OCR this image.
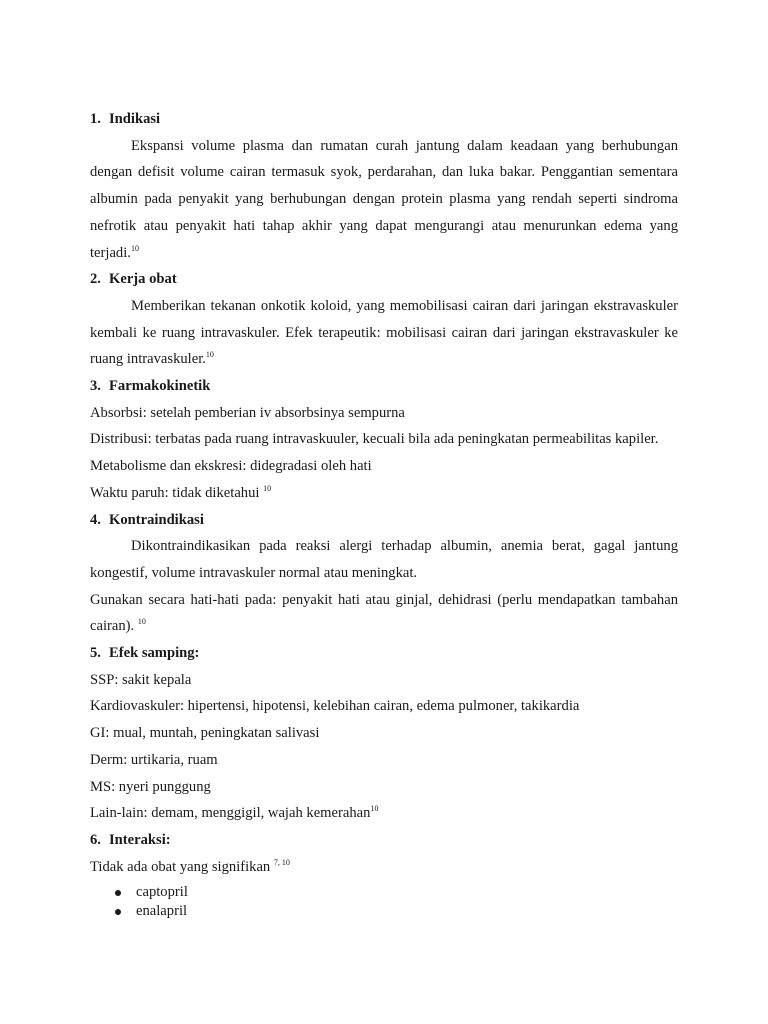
1. Indikasi
Ekspansi volume plasma dan rumatan curah jantung dalam keadaan yang berhubungan dengan defisit volume cairan termasuk syok, perdarahan, dan luka bakar. Penggantian sementara albumin pada penyakit yang berhubungan dengan protein plasma yang rendah seperti sindroma nefrotik atau penyakit hati tahap akhir yang dapat mengurangi atau menurunkan edema yang terjadi.$^{10}$
2. Kerja obat
Memberikan tekanan onkotik koloid, yang memobilisasi cairan dari jaringan ekstravaskuler kembali ke ruang intravaskuler. Efek terapeutik: mobilisasi cairan dari jaringan ekstravaskuler ke ruang intravaskuler.$^{10}$
3. Farmakokinetik
Absorbsi: setelah pemberian iv absorbsinya sempurna
Distribusi: terbatas pada ruang intravaskuuler, kecuali bila ada peningkatan permeabilitas kapiler.
Metabolisme dan ekskresi: didegradasi oleh hati
Waktu paruh: tidak diketahui $^{10}$
4. Kontraindikasi
Dikontraindikasikan pada reaksi alergi terhadap albumin, anemia berat, gagal jantung kongestif, volume intravaskuler normal atau meningkat.
Gunakan secara hati-hati pada: penyakit hati atau ginjal, dehidrasi (perlu mendapatkan tambahan cairan). $^{10}$
5. Efek samping:
SSP: sakit kepala
Kardiovaskuler: hipertensi, hipotensi, kelebihan cairan, edema pulmoner, takikardia
GI: mual, muntah, peningkatan salivasi
Derm: urtikaria, ruam
MS: nyeri punggung
Lain-lain: demam, menggigil, wajah kemerahan$^{10}$
6. Interaksi:
Tidak ada obat yang signifikan $^{7, 10}$
captopril
enalapril
